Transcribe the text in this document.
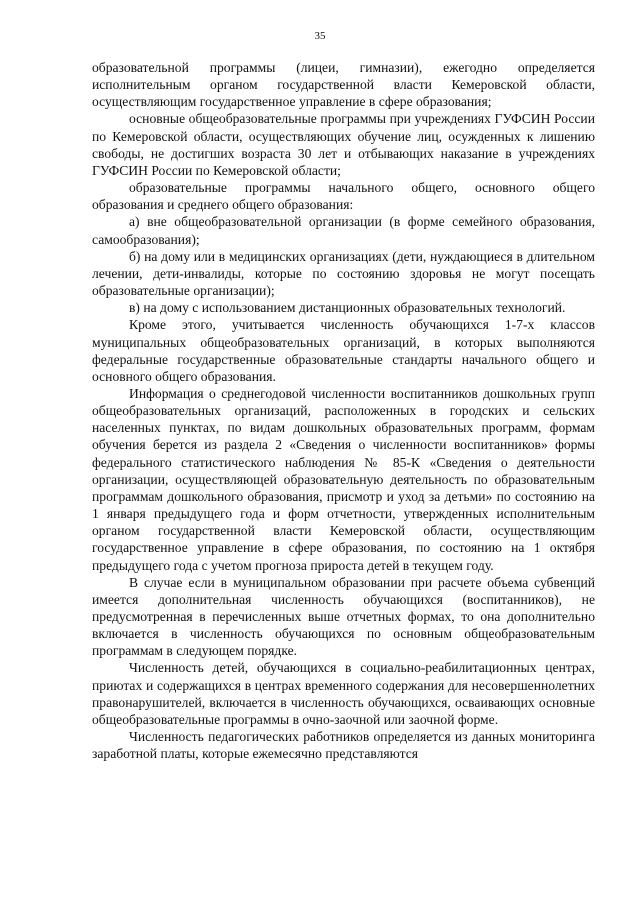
35

образовательной программы (лицеи, гимназии), ежегодно определяется исполнительным органом государственной власти Кемеровской области, осуществляющим государственное управление в сфере образования;

основные общеобразовательные программы при учреждениях ГУФСИН России по Кемеровской области, осуществляющих обучение лиц, осужденных к лишению свободы, не достигших возраста 30 лет и отбывающих наказание в учреждениях ГУФСИН России по Кемеровской области;

образовательные программы начального общего, основного общего образования и среднего общего образования:

а) вне общеобразовательной организации (в форме семейного образования, самообразования);

б) на дому или в медицинских организациях (дети, нуждающиеся в длительном лечении, дети-инвалиды, которые по состоянию здоровья не могут посещать образовательные организации);

в) на дому с использованием дистанционных образовательных технологий.

Кроме этого, учитывается численность обучающихся 1-7-х классов муниципальных общеобразовательных организаций, в которых выполняются федеральные государственные образовательные стандарты начального общего и основного общего образования.

Информация о среднегодовой численности воспитанников дошкольных групп общеобразовательных организаций, расположенных в городских и сельских населенных пунктах, по видам дошкольных образовательных программ, формам обучения берется из раздела 2 «Сведения о численности воспитанников» формы федерального статистического наблюдения № 85-К «Сведения о деятельности организации, осуществляющей образовательную деятельность по образовательным программам дошкольного образования, присмотр и уход за детьми» по состоянию на 1 января предыдущего года и форм отчетности, утвержденных исполнительным органом государственной власти Кемеровской области, осуществляющим государственное управление в сфере образования, по состоянию на 1 октября предыдущего года с учетом прогноза прироста детей в текущем году.

В случае если в муниципальном образовании при расчете объема субвенций имеется дополнительная численность обучающихся (воспитанников), не предусмотренная в перечисленных выше отчетных формах, то она дополнительно включается в численность обучающихся по основным общеобразовательным программам в следующем порядке.

Численность детей, обучающихся в социально-реабилитационных центрах, приютах и содержащихся в центрах временного содержания для несовершеннолетних правонарушителей, включается в численность обучающихся, осваивающих основные общеобразовательные программы в очно-заочной или заочной форме.

Численность педагогических работников определяется из данных мониторинга заработной платы, которые ежемесячно представляются
